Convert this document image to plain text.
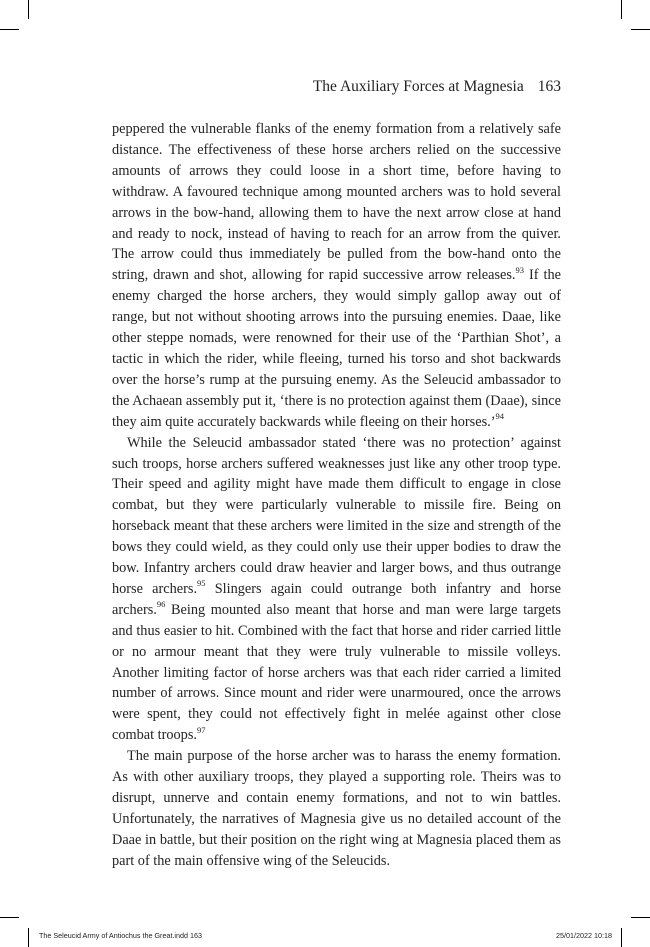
The Auxiliary Forces at Magnesia 163

peppered the vulnerable flanks of the enemy formation from a relatively safe distance. The effectiveness of these horse archers relied on the successive amounts of arrows they could loose in a short time, before having to withdraw. A favoured technique among mounted archers was to hold several arrows in the bow-hand, allowing them to have the next arrow close at hand and ready to nock, instead of having to reach for an arrow from the quiver. The arrow could thus immediately be pulled from the bow-hand onto the string, drawn and shot, allowing for rapid successive arrow releases.$^{93}$ If the enemy charged the horse archers, they would simply gallop away out of range, but not without shooting arrows into the pursuing enemies. Daae, like other steppe nomads, were renowned for their use of the ‘Parthian Shot’, a tactic in which the rider, while fleeing, turned his torso and shot backwards over the horse’s rump at the pursuing enemy. As the Seleucid ambassador to the Achaean assembly put it, ‘there is no protection against them (Daae), since they aim quite accurately backwards while fleeing on their horses.’$^{94}$

While the Seleucid ambassador stated ‘there was no protection’ against such troops, horse archers suffered weaknesses just like any other troop type. Their speed and agility might have made them difficult to engage in close combat, but they were particularly vulnerable to missile fire. Being on horseback meant that these archers were limited in the size and strength of the bows they could wield, as they could only use their upper bodies to draw the bow. Infantry archers could draw heavier and larger bows, and thus outrange horse archers.$^{95}$ Slingers again could outrange both infantry and horse archers.$^{96}$ Being mounted also meant that horse and man were large targets and thus easier to hit. Combined with the fact that horse and rider carried little or no armour meant that they were truly vulnerable to missile volleys. Another limiting factor of horse archers was that each rider carried a limited number of arrows. Since mount and rider were unarmoured, once the arrows were spent, they could not effectively fight in melée against other close combat troops.$^{97}$

The main purpose of the horse archer was to harass the enemy formation. As with other auxiliary troops, they played a supporting role. Theirs was to disrupt, unnerve and contain enemy formations, and not to win battles. Unfortunately, the narratives of Magnesia give us no detailed account of the Daae in battle, but their position on the right wing at Magnesia placed them as part of the main offensive wing of the Seleucids.

The Seleucid Army of Antiochus the Great.indd 163	25/01/2022 10:18
